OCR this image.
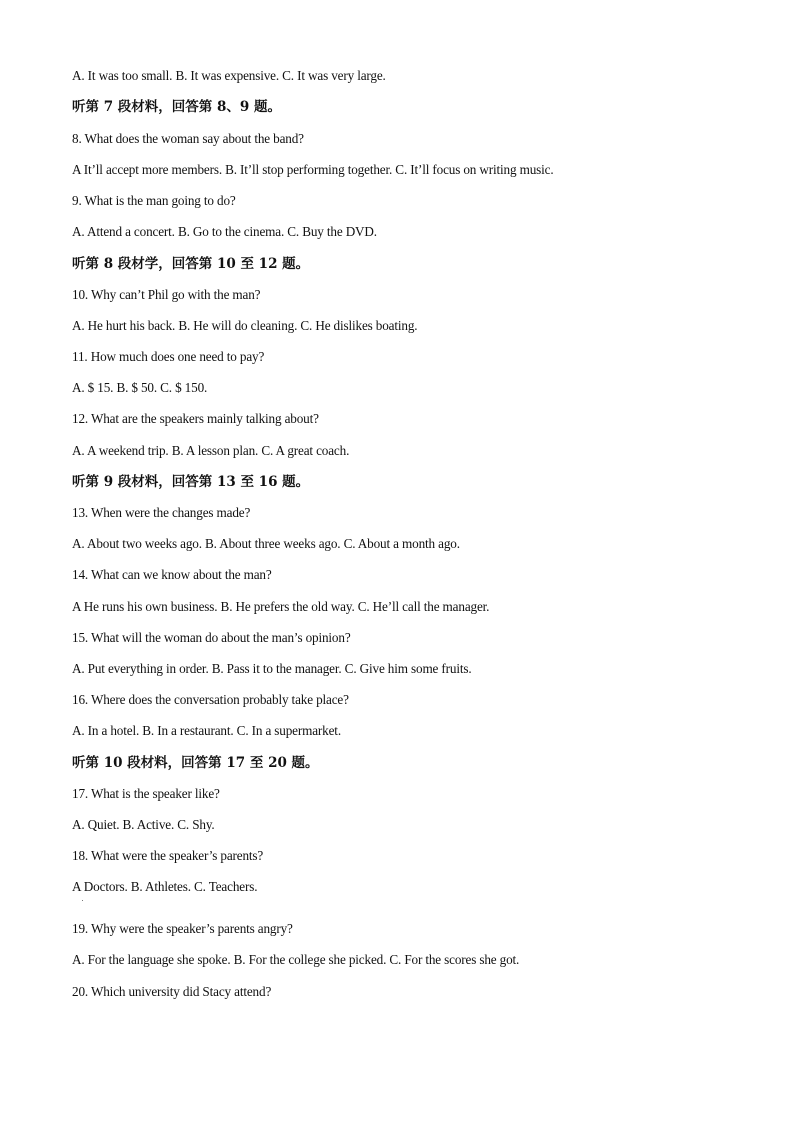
A. It was too small. B. It was expensive. C. It was very large.

听第 7 段材料，回答第 8、9 题。

8. What does the woman say about the band?

A It’ll accept more members. B. It’ll stop performing together. C. It’ll focus on writing music.

9. What is the man going to do?

A. Attend a concert. B. Go to the cinema. C. Buy the DVD.

听第 8 段材学，回答第 10 至 12 题。

10. Why can’t Phil go with the man?

A. He hurt his back. B. He will do cleaning. C. He dislikes boating.

11. How much does one need to pay?

A. $ 15. B. $ 50. C. $ 150.

12. What are the speakers mainly talking about?

A. A weekend trip. B. A lesson plan. C. A great coach.

听第 9 段材料，回答第 13 至 16 题。

13. When were the changes made?

A. About two weeks ago. B. About three weeks ago. C. About a month ago.

14. What can we know about the man?

A He runs his own business. B. He prefers the old way. C. He’ll call the manager.

15. What will the woman do about the man’s opinion?

A. Put everything in order. B. Pass it to the manager. C. Give him some fruits.

16. Where does the conversation probably take place?

A. In a hotel. B. In a restaurant. C. In a supermarket.

听第 10 段材料，回答第 17 至 20 题。

17. What is the speaker like?

A. Quiet. B. Active. C. Shy.

18. What were the speaker’s parents?

A Doctors. B. Athletes. C. Teachers.

19. Why were the speaker’s parents angry?

A. For the language she spoke. B. For the college she picked. C. For the scores she got.

20. Which university did Stacy attend?
